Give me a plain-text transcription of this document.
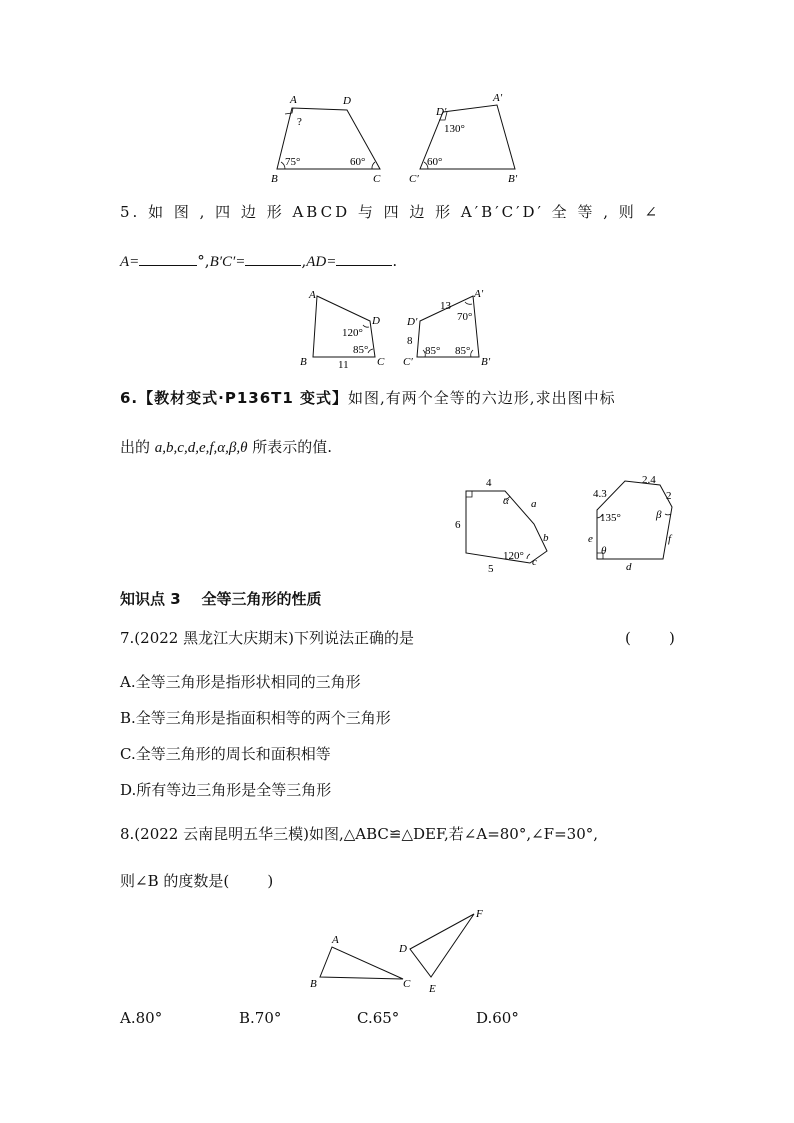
A	D
B	C
?
75°	60°
D′
A′
C′	B′
130°
60°
5. 如 图 , 四 边 形 ABCD 与 四 边 形 A′B′C′D′ 全 等 , 则 ∠
A=	°,B′C′=	,AD=	.
A
D
B	C
120°
85°
11
D′
A′
C′	B′
13
70°
8
85° 85°
6.【教材变式·P136T1 变式】如图,有两个全等的六边形,求出图中标
出的 a,b,c,d,e,f,α,β,θ 所表示的值.
4
6
5
α a
b
c
120°
4.3
2.4
2
β
135°
e
θ
f
d
知识点 3    全等三角形的性质
7.(2022 黑龙江大庆期末)下列说法正确的是	(        )
A.全等三角形是指形状相同的三角形
B.全等三角形是指面积相等的两个三角形
C.全等三角形的周长和面积相等
D.所有等边三角形是全等三角形
8.(2022 云南昆明五华三模)如图,△ABC≌△DEF,若∠A=80°,∠F=30°,
则∠B 的度数是(        )
A
B	C
D
E
F
A.80°	B.70°	C.65°	D.60°
